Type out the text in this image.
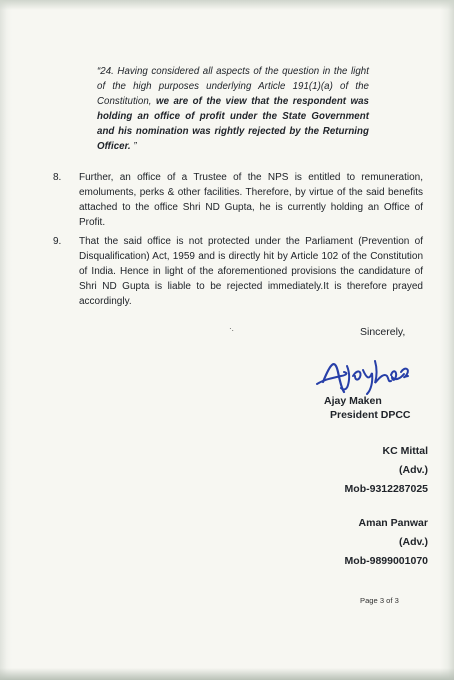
“24. Having considered all aspects of the question in the light of the high purposes underlying Article 191(1)(a) of the Constitution, we are of the view that the respondent was holding an office of profit under the State Government and his nomination was rightly rejected by the Returning Officer. ”
8.	Further, an office of a Trustee of the NPS is entitled to remuneration, emoluments, perks & other facilities. Therefore, by virtue of the said benefits attached to the office Shri ND Gupta, he is currently holding an Office of Profit.
9.	That the said office is not protected under the Parliament (Prevention of Disqualification) Act, 1959 and is directly hit by Article 102 of the Constitution of India. Hence in light of the aforementioned provisions the candidature of Shri ND Gupta is liable to be rejected immediately.It is therefore prayed accordingly.
·.	Sincerely,
Ajay Maken
President DPCC
KC Mittal
(Adv.)
Mob-9312287025
Aman Panwar
(Adv.)
Mob-9899001070
Page 3 of 3
